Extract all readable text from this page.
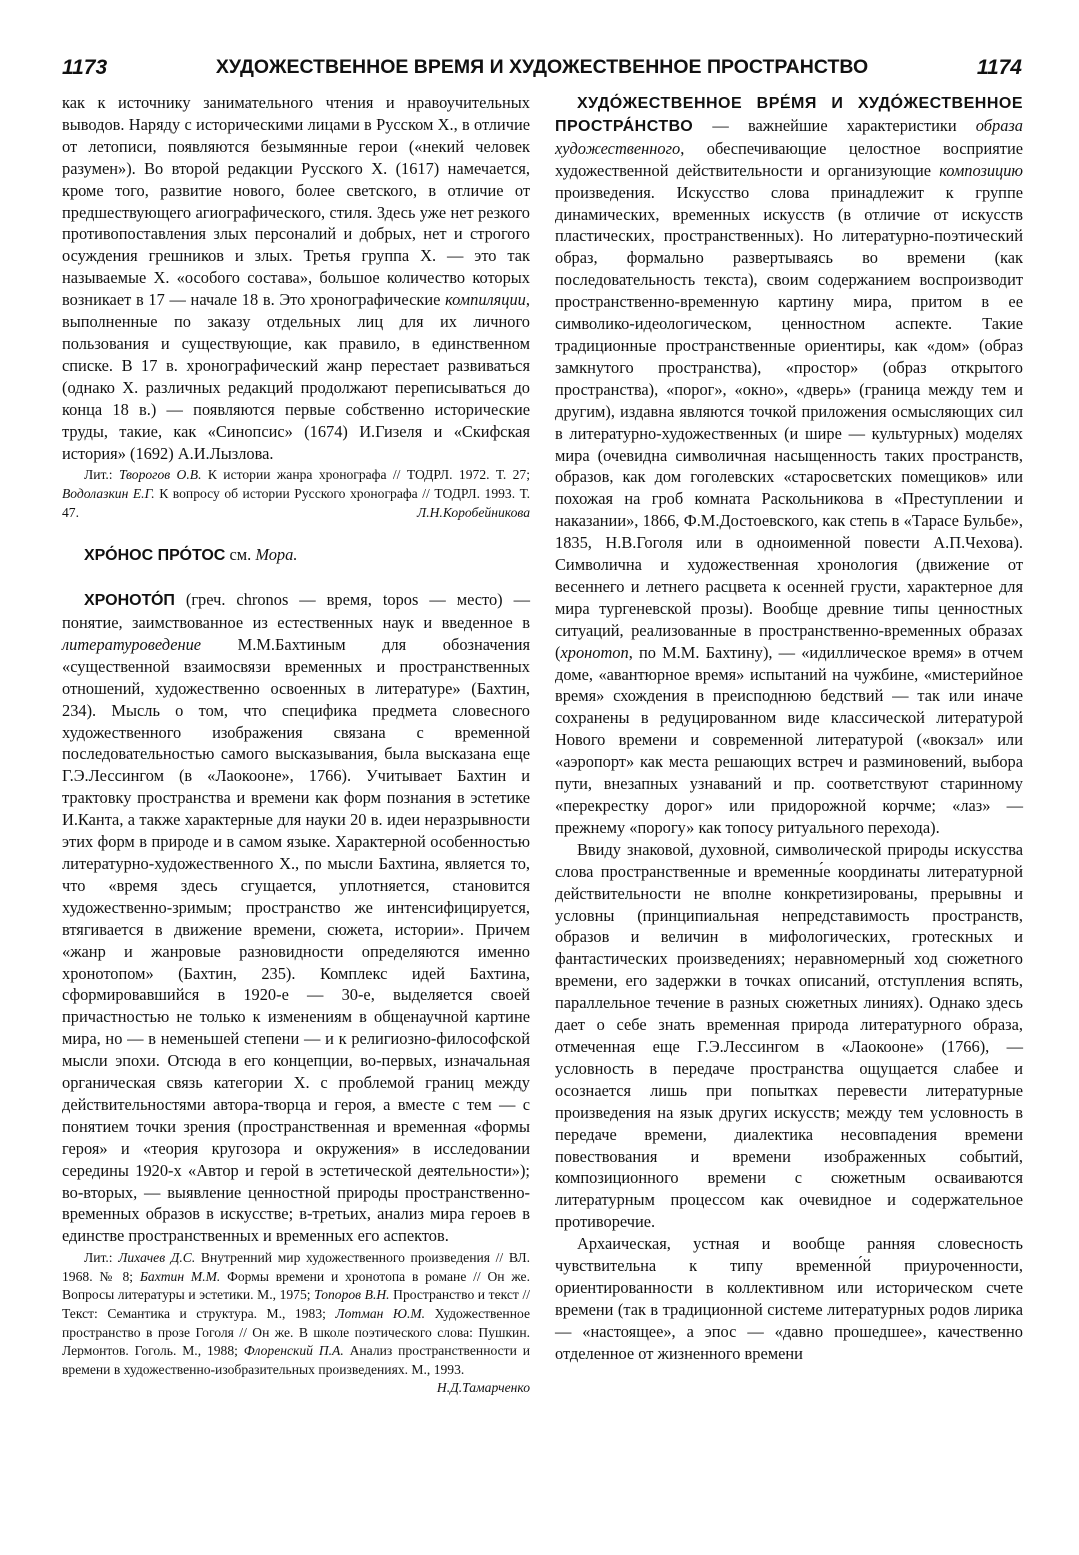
1173	ХУДОЖЕСТВЕННОЕ ВРЕМЯ И ХУДОЖЕСТВЕННОЕ ПРОСТРАНСТВО	1174

как к источнику занимательного чтения и нравоучительных выводов. Наряду с историческими лицами в Русском Х., в отличие от летописи, появляются безымянные герои («некий человек разумен»). Во второй редакции Русского Х. (1617) намечается, кроме того, развитие нового, более светского, в отличие от предшествующего агиографического, стиля. Здесь уже нет резкого противопоставления злых персоналий и добрых, нет и строгого осуждения грешников и злых. Третья группа Х. — это так называемые Х. «особого состава», большое количество которых возникает в 17 — начале 18 в. Это хронографические компиляции, выполненные по заказу отдельных лиц для их личного пользования и существующие, как правило, в единственном списке. В 17 в. хронографический жанр перестает развиваться (однако Х. различных редакций продолжают переписываться до конца 18 в.) — появляются первые собственно исторические труды, такие, как «Синопсис» (1674) И.Гизеля и «Скифская история» (1692) А.И.Лызлова.

Лит.: Творогов О.В. К истории жанра хронографа // ТОДРЛ. 1972. Т. 27; Водолазкин Е.Г. К вопросу об истории Русского хронографа // ТОДРЛ. 1993. Т. 47.	Л.Н.Коробейникова

ХРО́НОС ПРО́ТОС см. Мора.

ХРОНОТО́П (греч. chronos — время, topos — место) — понятие, заимствованное из естественных наук и введенное в литературоведение М.М.Бахтиным для обозначения «существенной взаимосвязи временных и пространственных отношений, художественно освоенных в литературе» (Бахтин, 234). Мысль о том, что специфика предмета словесного художественного изображения связана с временной последовательностью самого высказывания, была высказана еще Г.Э.Лессингом (в «Лаокооне», 1766). Учитывает Бахтин и трактовку пространства и времени как форм познания в эстетике И.Канта, а также характерные для науки 20 в. идеи неразрывности этих форм в природе и в самом языке. Характерной особенностью литературно-художественного Х., по мысли Бахтина, является то, что «время здесь сгущается, уплотняется, становится художественно-зримым; пространство же интенсифицируется, втягивается в движение времени, сюжета, истории». Причем «жанр и жанровые разновидности определяются именно хронотопом» (Бахтин, 235). Комплекс идей Бахтина, сформировавшийся в 1920-е — 30-е, выделяется своей причастностью не только к изменениям в общенаучной картине мира, но — в неменьшей степени — и к религиозно-философской мысли эпохи. Отсюда в его концепции, во-первых, изначальная органическая связь категории Х. с проблемой границ между действительностями автора-творца и героя, а вместе с тем — с понятием точки зрения (пространственная и временная «формы героя» и «теория кругозора и окружения» в исследовании середины 1920-х «Автор и герой в эстетической деятельности»); во-вторых, — выявление ценностной природы пространственно-временных образов в искусстве; в-третьих, анализ мира героев в единстве пространственных и временных его аспектов.

Лит.: Лихачев Д.С. Внутренний мир художественного произведения // ВЛ. 1968. № 8; Бахтин М.М. Формы времени и хронотопа в романе // Он же. Вопросы литературы и эстетики. М., 1975; Топоров В.Н. Пространство и текст // Текст: Семантика и структура. М., 1983; Лотман Ю.М. Художественное пространство в прозе Гоголя // Он же. В школе поэтического слова: Пушкин. Лермонтов. Гоголь. М., 1988; Флоренский П.А. Анализ пространственности и времени в художественно-изобразительных произведениях. М., 1993.
Н.Д.Тамарченко

ХУДО́ЖЕСТВЕННОЕ ВРЕ́МЯ И ХУДО́ЖЕСТВЕННОЕ ПРОСТРА́НСТВО — важнейшие характеристики образа художественного, обеспечивающие целостное восприятие художественной действительности и организующие композицию произведения. Искусство слова принадлежит к группе динамических, временных искусств (в отличие от искусств пластических, пространственных). Но литературно-поэтический образ, формально развертываясь во времени (как последовательность текста), своим содержанием воспроизводит пространственно-временную картину мира, притом в ее символико-идеологическом, ценностном аспекте. Такие традиционные пространственные ориентиры, как «дом» (образ замкнутого пространства), «простор» (образ открытого пространства), «порог», «окно», «дверь» (граница между тем и другим), издавна являются точкой приложения осмысляющих сил в литературно-художественных (и шире — культурных) моделях мира (очевидна символичная насыщенность таких пространств, образов, как дом гоголевских «старосветских помещиков» или похожая на гроб комната Раскольникова в «Преступлении и наказании», 1866, Ф.М.Достоевского, как степь в «Тарасе Бульбе», 1835, Н.В.Гоголя или в одноименной повести А.П.Чехова). Символична и художественная хронология (движение от весеннего и летнего расцвета к осенней грусти, характерное для мира тургеневской прозы). Вообще древние типы ценностных ситуаций, реализованные в пространственно-временных образах (хронотоп, по М.М. Бахтину), — «идиллическое время» в отчем доме, «авантюрное время» испытаний на чужбине, «мистерийное время» схождения в преисподнюю бедствий — так или иначе сохранены в редуцированном виде классической литературой Нового времени и современной литературой («вокзал» или «аэропорт» как места решающих встреч и разминовений, выбора пути, внезапных узнаваний и пр. соответствуют старинному «перекрестку дорог» или придорожной корчме; «лаз» — прежнему «порогу» как топосу ритуального перехода).

Ввиду знаковой, духовной, символической природы искусства слова пространственные и временны́е координаты литературной действительности не вполне конкретизированы, прерывны и условны (принципиальная непредставимость пространств, образов и величин в мифологических, гротескных и фантастических произведениях; неравномерный ход сюжетного времени, его задержки в точках описаний, отступления вспять, параллельное течение в разных сюжетных линиях). Однако здесь дает о себе знать временная природа литературного образа, отмеченная еще Г.Э.Лессингом в «Лаокооне» (1766), — условность в передаче пространства ощущается слабее и осознается лишь при попытках перевести литературные произведения на язык других искусств; между тем условность в передаче времени, диалектика несовпадения времени повествования и времени изображенных событий, композиционного времени с сюжетным осваиваются литературным процессом как очевидное и содержательное противоречие.

Архаическая, устная и вообще ранняя словесность чувствительна к типу временно́й приуроченности, ориентированности в коллективном или историческом счете времени (так в традиционной системе литературных родов лирика — «настоящее», а эпос — «давно прошедшее», качественно отделенное от жизненного времени
